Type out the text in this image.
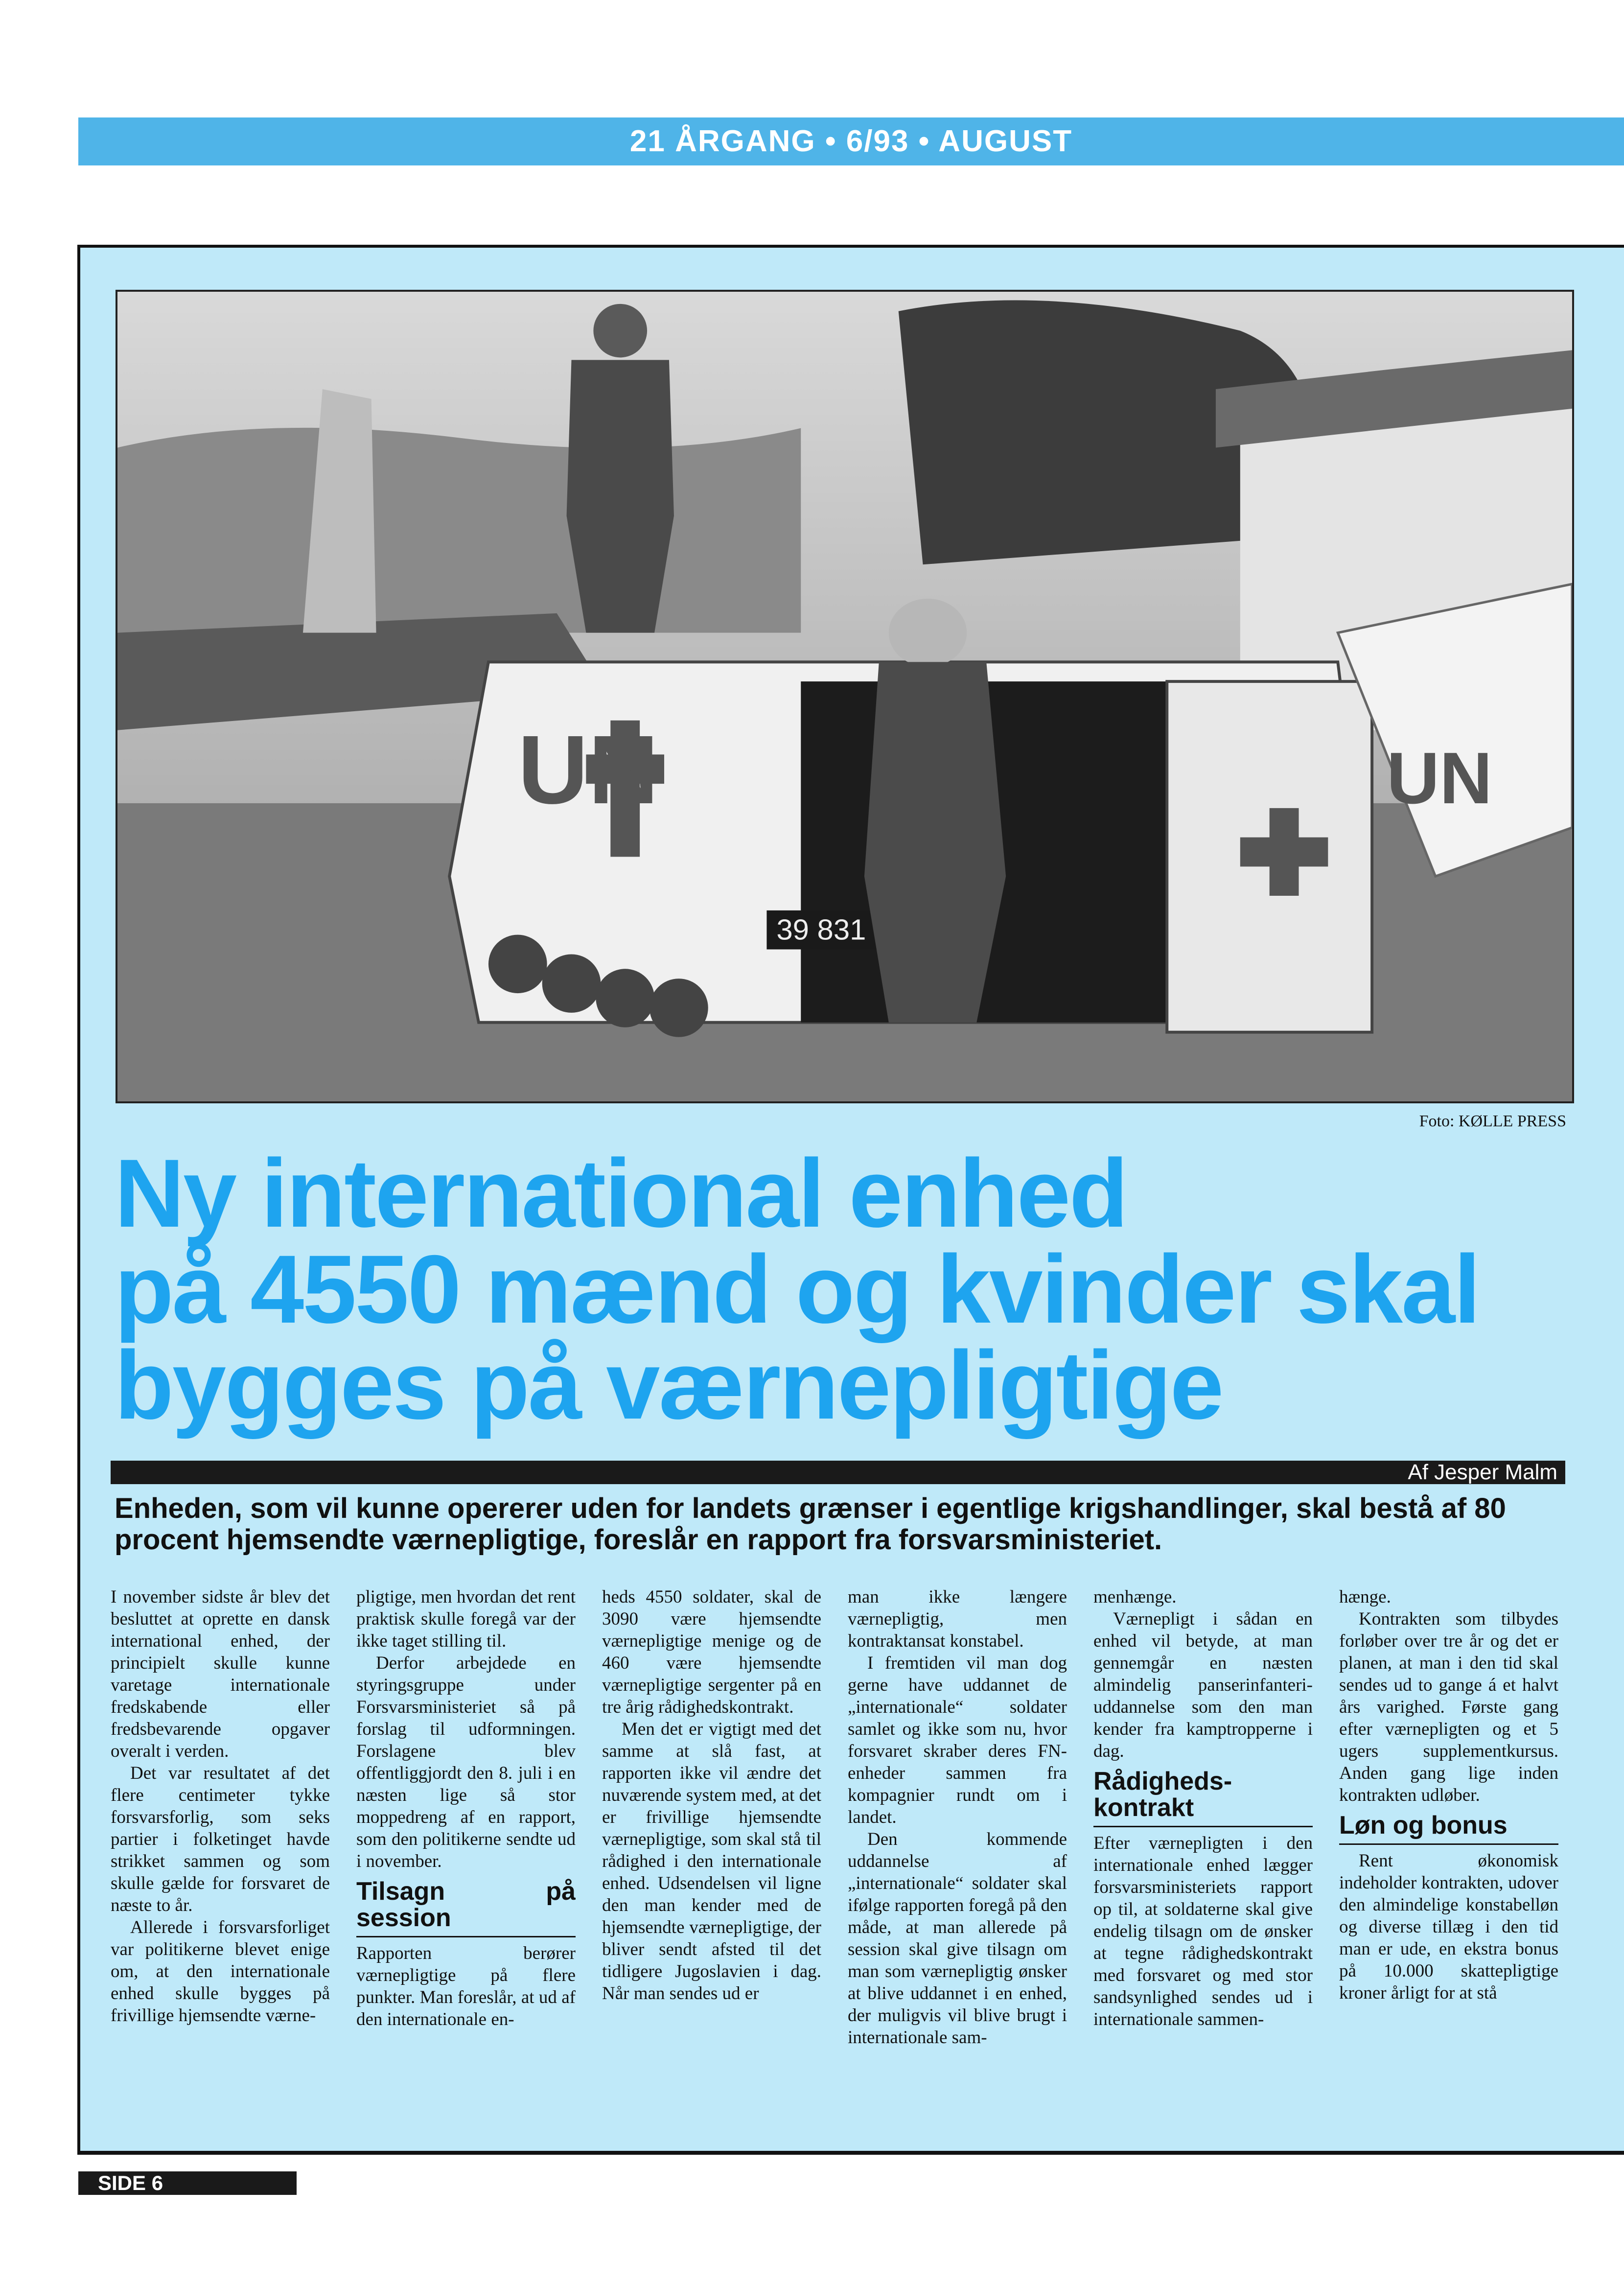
21 ÅRGANG • 6/93 • AUGUST
UN
39 831
UN
Foto: KØLLE PRESS
Ny international enhed
på 4550 mænd og kvinder skal
bygges på værnepligtige
Af Jesper Malm
Enheden, som vil kunne opererer uden for landets grænser i egentlige krigshandlinger, skal bestå af 80 procent hjemsendte værnepligtige, foreslår en rapport fra forsvarsministeriet.

I november sidste år blev det besluttet at oprette en dansk international enhed, der principielt skulle kunne varetage internationale fredskabende eller fredsbevarende opgaver overalt i verden.

Det var resultatet af det flere centimeter tykke forsvarsforlig, som seks partier i folketinget havde strikket sammen og som skulle gælde for forsvaret de næste to år.

Allerede i forsvarsforliget var politikerne blevet enige om, at den internationale enhed skulle bygges på frivillige hjemsendte værne-

pligtige, men hvordan det rent praktisk skulle foregå var der ikke taget stilling til.

Derfor arbejdede en styringsgruppe under Forsvarsministeriet så på forslag til udformningen. Forslagene blev offentliggjordt den 8. juli i en næsten lige så stor moppedreng af en rapport, som den politikerne sendte ud i november.

Tilsagn på session

Rapporten berører værnepligtige på flere punkter. Man foreslår, at ud af den internationale en-

heds 4550 soldater, skal de 3090 være hjemsendte værnepligtige menige og de 460 være hjemsendte værnepligtige sergenter på en tre årig rådighedskontrakt.

Men det er vigtigt med det samme at slå fast, at rapporten ikke vil ændre det nuværende system med, at det er frivillige hjemsendte værnepligtige, som skal stå til rådighed i den internationale enhed. Udsendelsen vil ligne den man kender med de hjemsendte værnepligtige, der bliver sendt afsted til det tidligere Jugoslavien i dag. Når man sendes ud er

man ikke længere værnepligtig, men kontraktansat konstabel.

I fremtiden vil man dog gerne have uddannet de „internationale“ soldater samlet og ikke som nu, hvor forsvaret skraber deres FN-enheder sammen fra kompagnier rundt om i landet.

Den kommende uddannelse af „internationale“ soldater skal ifølge rapporten foregå på den måde, at man allerede på session skal give tilsagn om man som værnepligtig ønsker at blive uddannet i en enhed, der muligvis vil blive brugt i internationale sam-

menhænge.

Værnepligt i sådan en enhed vil betyde, at man gennemgår en næsten almindelig panserinfanteri-uddannelse som den man kender fra kamptropperne i dag.

Rådigheds-kontrakt

Efter værnepligten i den internationale enhed lægger forsvarsministeriets rapport op til, at soldaterne skal give endelig tilsagn om de ønsker at tegne rådighedskontrakt med forsvaret og med stor sandsynlighed sendes ud i internationale sammen-

hænge.

Kontrakten som tilbydes forløber over tre år og det er planen, at man i den tid skal sendes ud to gange á et halvt års varighed. Første gang efter værnepligten og et 5 ugers supplementkursus. Anden gang lige inden kontrakten udløber.

Løn og bonus

Rent økonomisk indeholder kontrakten, udover den almindelige konstabelløn og diverse tillæg i den tid man er ude, en ekstra bonus på 10.000 skattepligtige kroner årligt for at stå

SIDE 6
